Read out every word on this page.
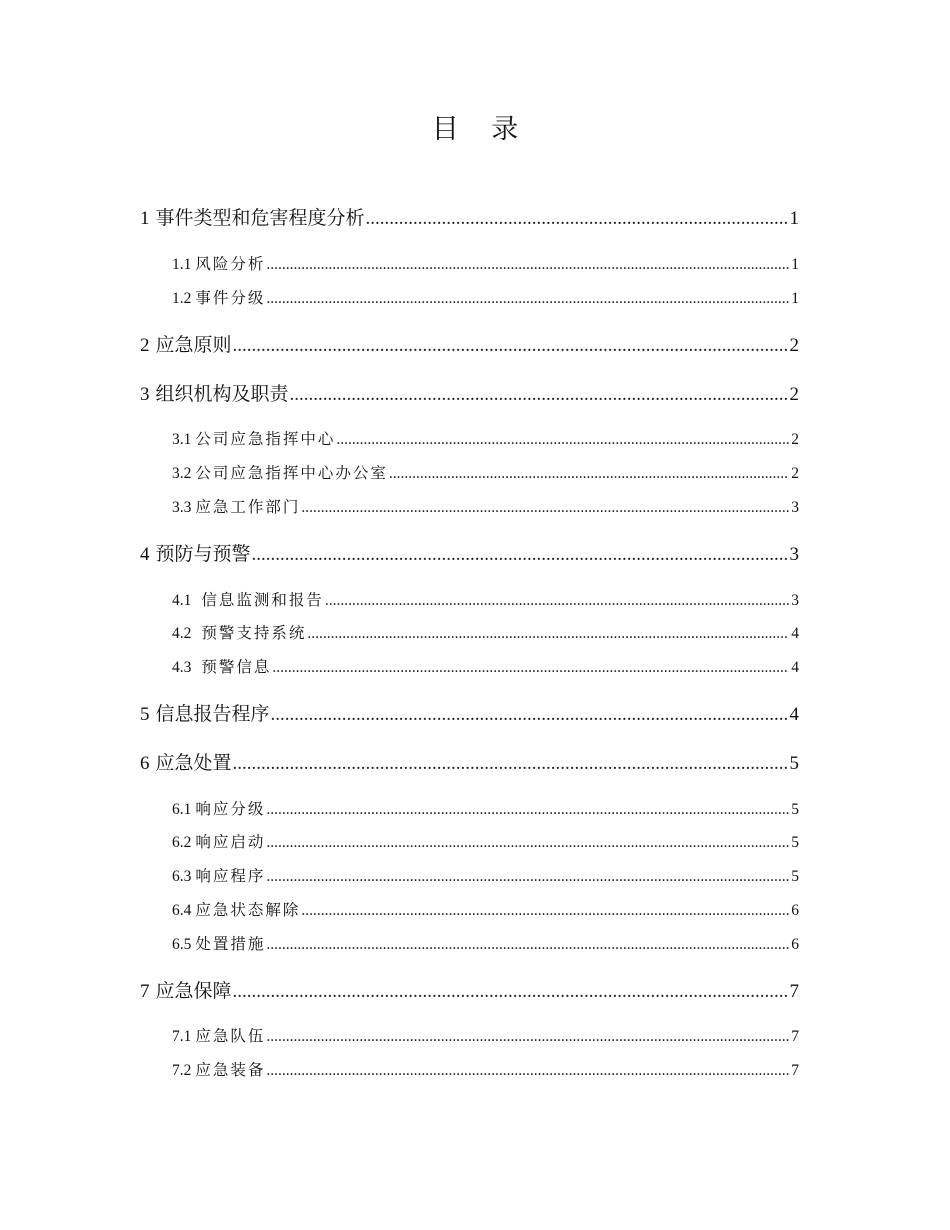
目 录
1 事件类型和危害程度分析 .....	1
1.1 风险分析 .....	1
1.2 事件分级 .....	1
2 应急原则 .....	2
3 组织机构及职责 .....	2
3.1 公司应急指挥中心 .....	2
3.2 公司应急指挥中心办公室 .....	2
3.3 应急工作部门 .....	3
4 预防与预警 .....	3
4.1 信息监测和报告 .....	3
4.2 预警支持系统 .....	4
4.3 预警信息 .....	4
5 信息报告程序 .....	4
6 应急处置 .....	5
6.1 响应分级 .....	5
6.2 响应启动 .....	5
6.3 响应程序 .....	5
6.4 应急状态解除 .....	6
6.5 处置措施 .....	6
7 应急保障 .....	7
7.1 应急队伍 .....	7
7.2 应急装备 .....	7
